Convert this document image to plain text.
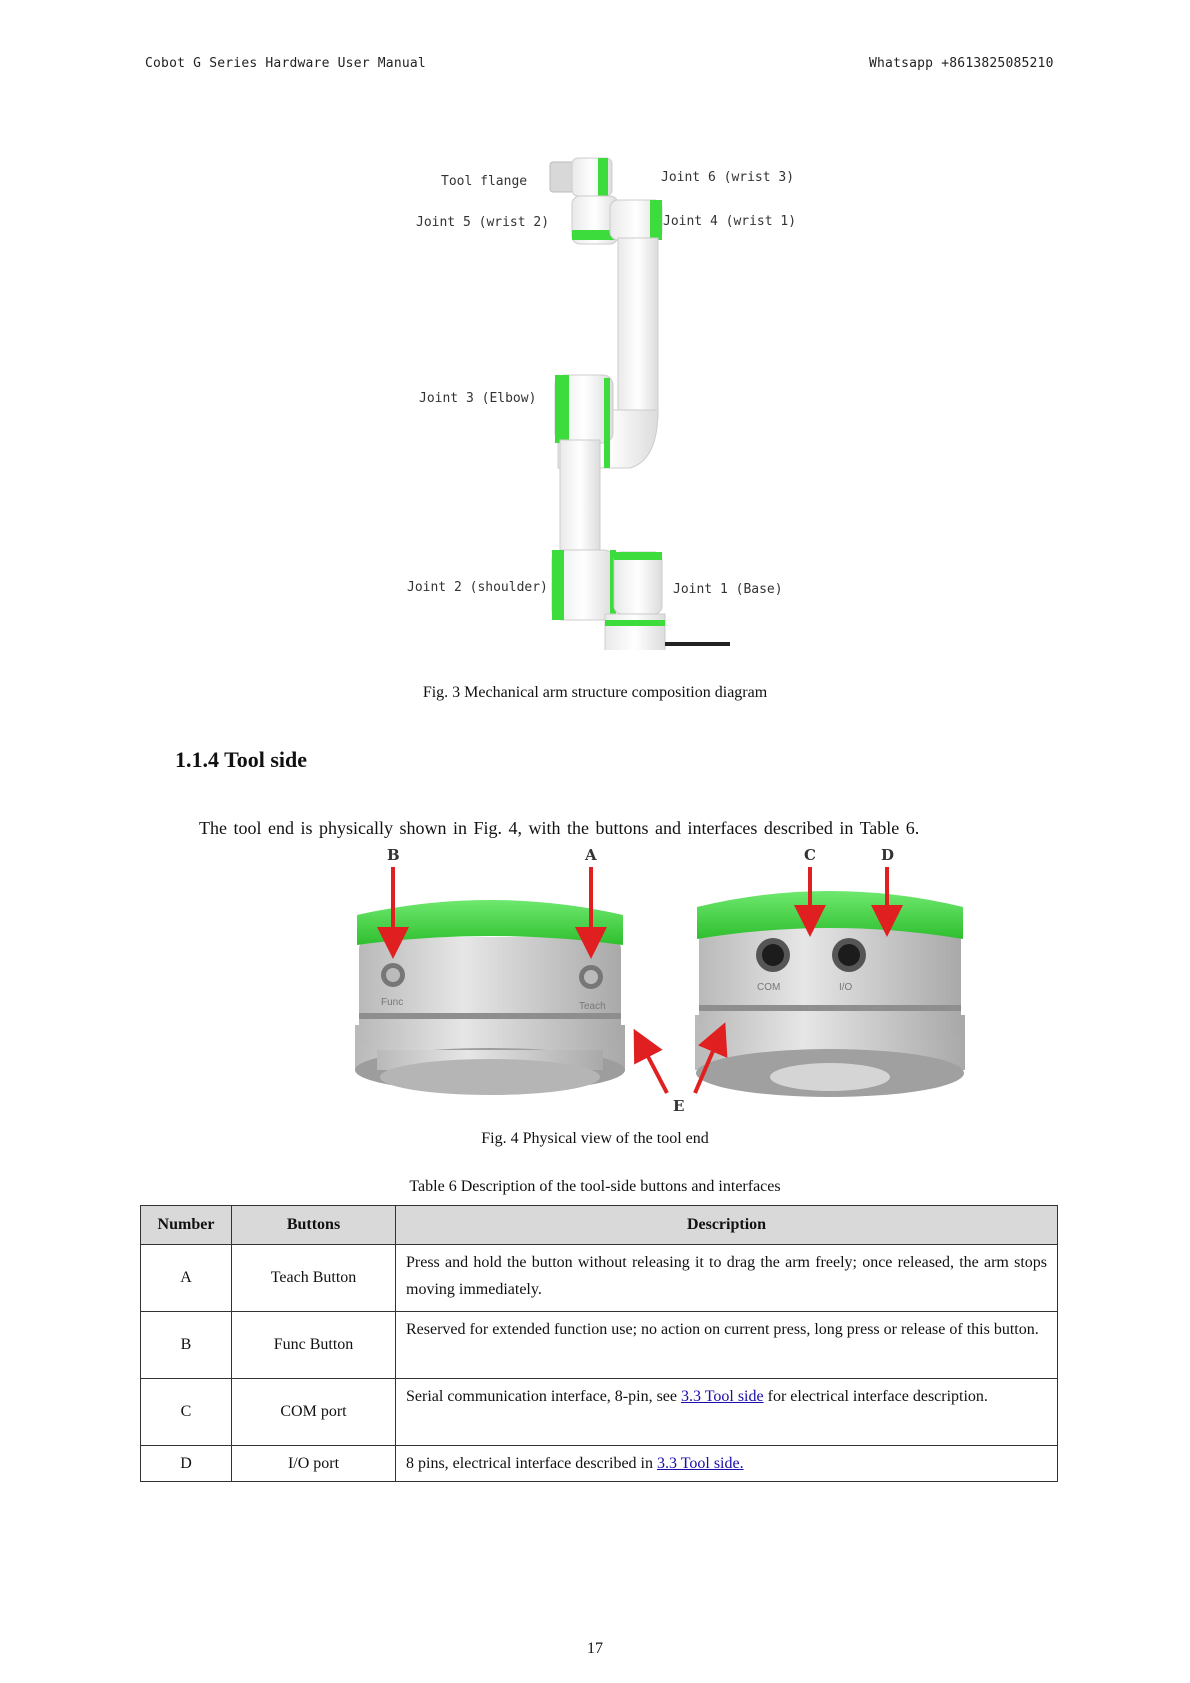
Cobot G Series Hardware User Manual	Whatsapp +8613825085210
Tool flange	Joint 6 (wrist 3)
Joint 5 (wrist 2)	Joint 4 (wrist 1)
Joint 3 (Elbow)
Joint 2 (shoulder)	Joint 1 (Base)
Fig. 3 Mechanical arm structure composition diagram
1.1.4 Tool side
The tool end is physically shown in Fig. 4, with the buttons and interfaces described in Table 6.
Func	Teach
COM	I/O
B	A	C	D
E
Fig. 4 Physical view of the tool end
Table 6 Description of the tool-side buttons and interfaces
Number	Buttons	Description
A	Teach Button	Press and hold the button without releasing it to drag the arm freely; once released, the arm stops moving immediately.
B	Func Button	Reserved for extended function use; no action on current press, long press or release of this button.
C	COM port	Serial communication interface, 8-pin, see 3.3 Tool side for electrical interface description.
D	I/O port	8 pins, electrical interface described in 3.3 Tool side.
17
